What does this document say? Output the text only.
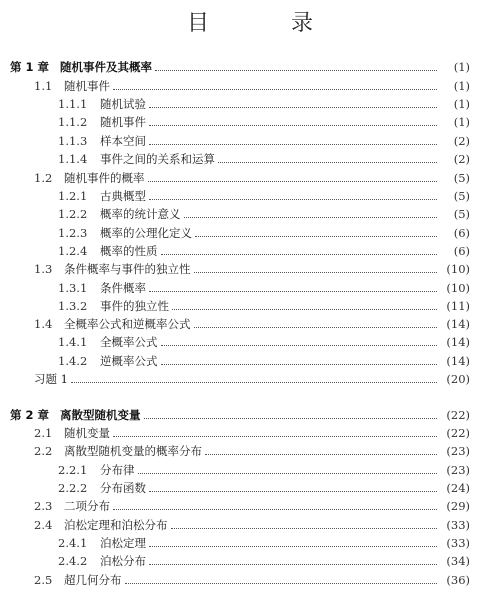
目　录
第 1 章 随机事件及其概率	(1)
1.1	随机事件	(1)
1.1.1	随机试验	(1)
1.1.2	随机事件	(1)
1.1.3	样本空间	(2)
1.1.4	事件之间的关系和运算	(2)
1.2	随机事件的概率	(5)
1.2.1	古典概型	(5)
1.2.2	概率的统计意义	(5)
1.2.3	概率的公理化定义	(6)
1.2.4	概率的性质	(6)
1.3	条件概率与事件的独立性	(10)
1.3.1	条件概率	(10)
1.3.2	事件的独立性	(11)
1.4	全概率公式和逆概率公式	(14)
1.4.1	全概率公式	(14)
1.4.2	逆概率公式	(14)
习题 1	(20)
第 2 章 离散型随机变量	(22)
2.1	随机变量	(22)
2.2	离散型随机变量的概率分布	(23)
2.2.1	分布律	(23)
2.2.2	分布函数	(24)
2.3	二项分布	(29)
2.4	泊松定理和泊松分布	(33)
2.4.1	泊松定理	(33)
2.4.2	泊松分布	(34)
2.5	超几何分布	(36)
